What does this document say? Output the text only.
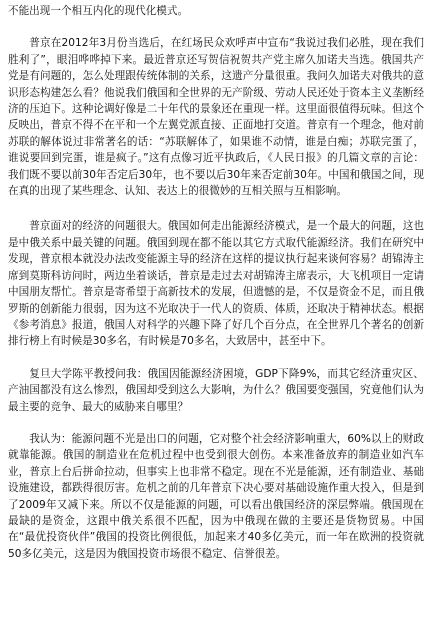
不能出现一个相互内化的现代化模式。

普京在2012年3月份当选后，在红场民众欢呼声中宣布“我说过我们必胜，现在我们胜利了”，眼泪哗哗掉下来。最近普京还写贺信祝贺共产党主席久加诺夫当选。俄国共产党是有问题的，怎么处理跟传统体制的关系，这遗产分量很重。我问久加诺夫对俄共的意识形态构建怎么看？他说我们俄国和全世界的无产阶级、劳动人民还处于资本主义垄断经济的压迫下。这种论调好像是二十年代的景象还在重现一样。这里面很值得玩味。但这个反映出，普京不得不在平和一个左翼党派直接、正面地打交道。普京有一个理念，他对前苏联的解体说过非常著名的话：“苏联解体了，如果谁不动情，谁是白痴；苏联完蛋了，谁说要回到完蛋，谁是疯子。”这有点像习近平执政后，《人民日报》的几篇文章的言论：我们既不要以前30年否定后30年，也不要以后30年来否定前30年。中国和俄国之间，现在真的出现了某些理念、认知、表达上的很微妙的互相关照与互相影响。

普京面对的经济的问题很大。俄国如何走出能源经济模式，是一个最大的问题，这也是中俄关系中最关键的问题。俄国到现在都不能以其它方式取代能源经济。我们在研究中发现，普京根本就没办法改变能源主导的经济在这样的提议执行起来谈何容易？胡锦涛主席到莫斯科访问时，两边坐着谈话，普京是走过去对胡锦涛主席表示，大飞机项目一定请中国朋友帮忙。普京是寄希望于高新技术的发展，但遗憾的是，不仅是资金不足，而且俄罗斯的创新能力很弱，因为这不光取决于一代人的资质、体质，还取决于精神状态。根据《参考消息》报道，俄国人对科学的兴趣下降了好几个百分点，在全世界几个著名的创新排行榜上有时候是30多名，有时候是70多名，大致居中，甚至中下。

复旦大学陈平教授问我：俄国因能源经济困境，GDP下降9%，而其它经济重灾区、产油国都没有这么惨烈，俄国却受到这么大影响，为什么？俄国要变强国，究竟他们认为最主要的竞争、最大的威胁来自哪里？

我认为：能源问题不光是出口的问题，它对整个社会经济影响重大，60%以上的财政就靠能源。俄国的制造业在危机过程中也受到很大创伤。本来准备放弃的制造业如汽车业，普京上台后拼命拉动，但事实上也非常不稳定。现在不光是能源，还有制造业、基础设施建设，都跌得很厉害。危机之前的几年普京下决心要对基础设施作重大投入，但是到了2009年又减下来。所以不仅是能源的问题，可以看出俄国经济的深层弊端。俄国现在最缺的是资金，这跟中俄关系很不匹配，因为中俄现在做的主要还是货物贸易。中国在“最优投资伙伴”俄国的投资比例很低，加起来才40多亿美元，而一年在欧洲的投资就50多亿美元，这是因为俄国投资市场很不稳定、信誉很差。
